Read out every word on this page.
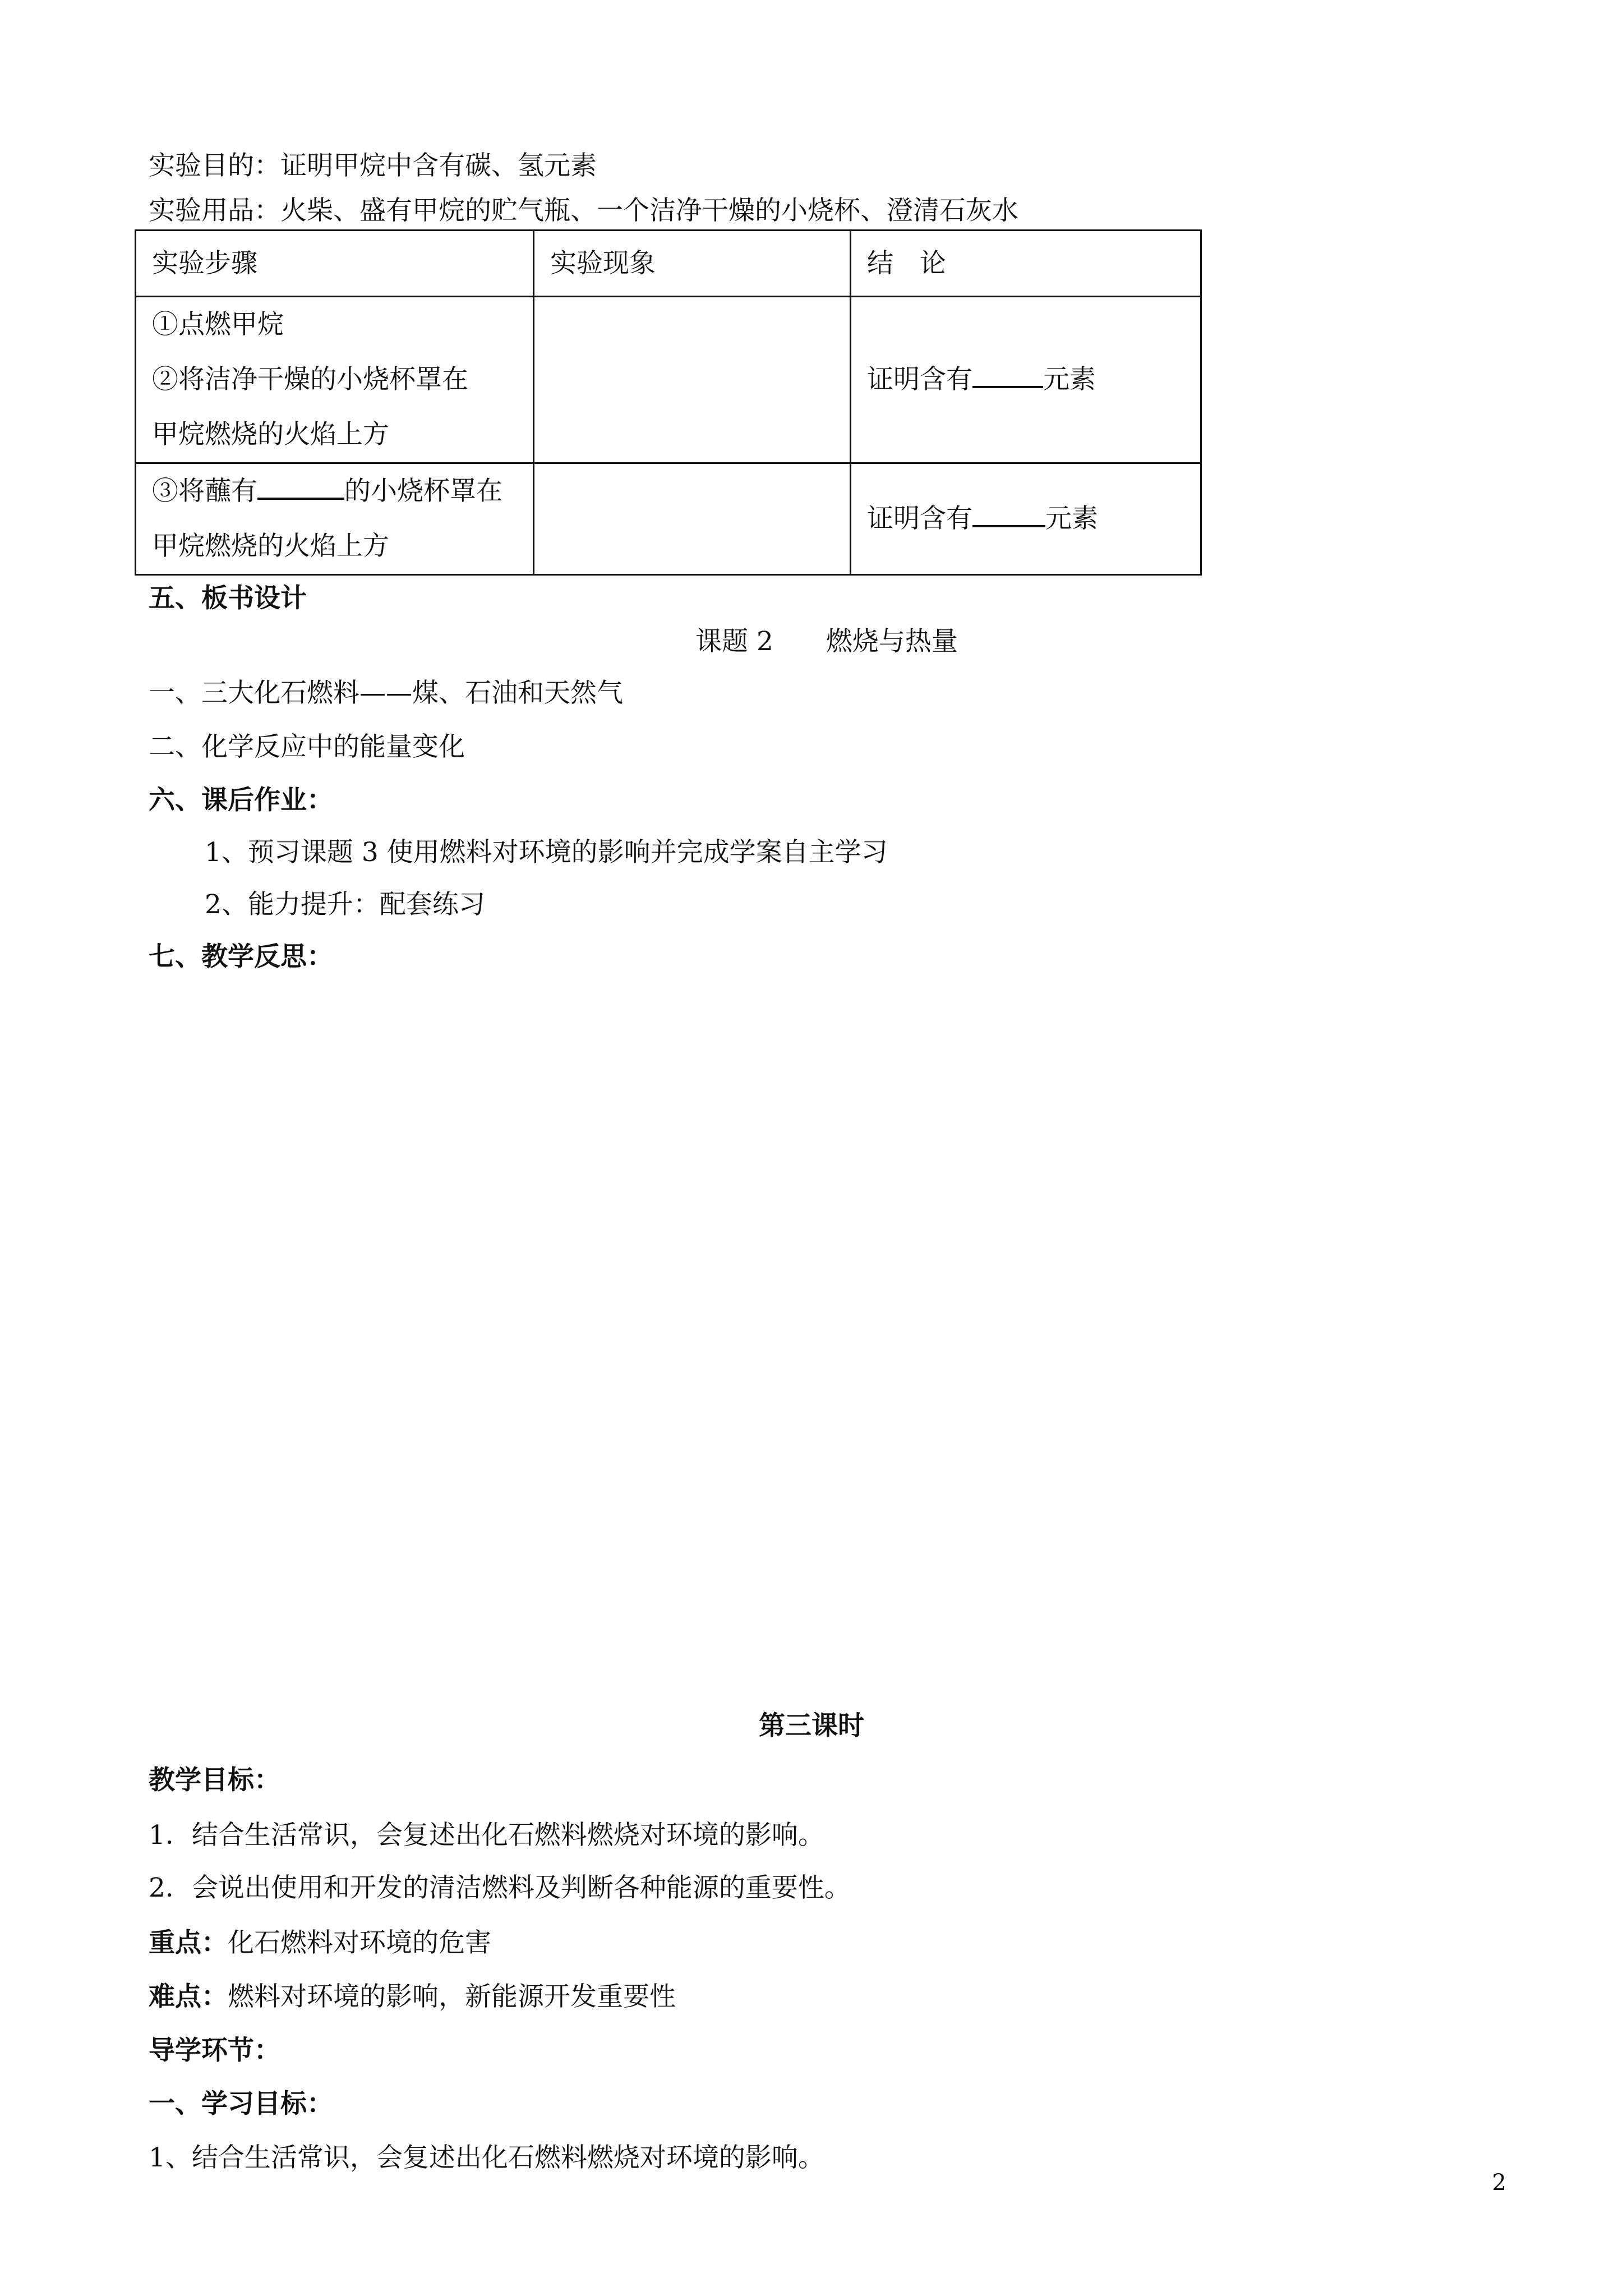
实验目的：证明甲烷中含有碳、氢元素
实验用品：火柴、盛有甲烷的贮气瓶、一个洁净干燥的小烧杯、澄清石灰水
实验步骤	实验现象	结　论

①点燃甲烷
②将洁净干燥的小烧杯罩在
甲烷燃烧的火焰上方		证明含有 元素

③将蘸有 的小烧杯罩在
甲烷燃烧的火焰上方		证明含有 元素
五、板书设计
课题 2　　燃烧与热量
一、三大化石燃料——煤、石油和天然气
二、化学反应中的能量变化
六、课后作业：
1、预习课题 3 使用燃料对环境的影响并完成学案自主学习
2、能力提升：配套练习
七、教学反思：
第三课时
教学目标：
1．结合生活常识，会复述出化石燃料燃烧对环境的影响。
2．会说出使用和开发的清洁燃料及判断各种能源的重要性。
重点：化石燃料对环境的危害
难点：燃料对环境的影响，新能源开发重要性
导学环节：
一、学习目标：
1、结合生活常识，会复述出化石燃料燃烧对环境的影响。
2
